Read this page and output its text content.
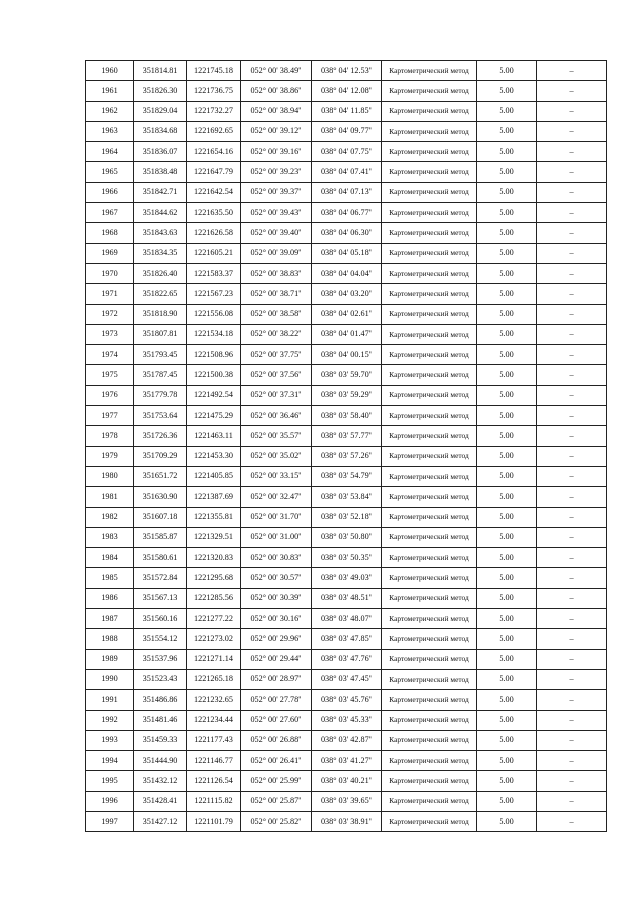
1960	351814.81	1221745.18	052° 00' 38.49"	038° 04' 12.53"	Картометрический метод	5.00	–
1961	351826.30	1221736.75	052° 00' 38.86"	038° 04' 12.08"	Картометрический метод	5.00	–
1962	351829.04	1221732.27	052° 00' 38.94"	038° 04' 11.85"	Картометрический метод	5.00	–
1963	351834.68	1221692.65	052° 00' 39.12"	038° 04' 09.77"	Картометрический метод	5.00	–
1964	351836.07	1221654.16	052° 00' 39.16"	038° 04' 07.75"	Картометрический метод	5.00	–
1965	351838.48	1221647.79	052° 00' 39.23"	038° 04' 07.41"	Картометрический метод	5.00	–
1966	351842.71	1221642.54	052° 00' 39.37"	038° 04' 07.13"	Картометрический метод	5.00	–
1967	351844.62	1221635.50	052° 00' 39.43"	038° 04' 06.77"	Картометрический метод	5.00	–
1968	351843.63	1221626.58	052° 00' 39.40"	038° 04' 06.30"	Картометрический метод	5.00	–
1969	351834.35	1221605.21	052° 00' 39.09"	038° 04' 05.18"	Картометрический метод	5.00	–
1970	351826.40	1221583.37	052° 00' 38.83"	038° 04' 04.04"	Картометрический метод	5.00	–
1971	351822.65	1221567.23	052° 00' 38.71"	038° 04' 03.20"	Картометрический метод	5.00	–
1972	351818.90	1221556.08	052° 00' 38.58"	038° 04' 02.61"	Картометрический метод	5.00	–
1973	351807.81	1221534.18	052° 00' 38.22"	038° 04' 01.47"	Картометрический метод	5.00	–
1974	351793.45	1221508.96	052° 00' 37.75"	038° 04' 00.15"	Картометрический метод	5.00	–
1975	351787.45	1221500.38	052° 00' 37.56"	038° 03' 59.70"	Картометрический метод	5.00	–
1976	351779.78	1221492.54	052° 00' 37.31"	038° 03' 59.29"	Картометрический метод	5.00	–
1977	351753.64	1221475.29	052° 00' 36.46"	038° 03' 58.40"	Картометрический метод	5.00	–
1978	351726.36	1221463.11	052° 00' 35.57"	038° 03' 57.77"	Картометрический метод	5.00	–
1979	351709.29	1221453.30	052° 00' 35.02"	038° 03' 57.26"	Картометрический метод	5.00	–
1980	351651.72	1221405.85	052° 00' 33.15"	038° 03' 54.79"	Картометрический метод	5.00	–
1981	351630.90	1221387.69	052° 00' 32.47"	038° 03' 53.84"	Картометрический метод	5.00	–
1982	351607.18	1221355.81	052° 00' 31.70"	038° 03' 52.18"	Картометрический метод	5.00	–
1983	351585.87	1221329.51	052° 00' 31.00"	038° 03' 50.80"	Картометрический метод	5.00	–
1984	351580.61	1221320.83	052° 00' 30.83"	038° 03' 50.35"	Картометрический метод	5.00	–
1985	351572.84	1221295.68	052° 00' 30.57"	038° 03' 49.03"	Картометрический метод	5.00	–
1986	351567.13	1221285.56	052° 00' 30.39"	038° 03' 48.51"	Картометрический метод	5.00	–
1987	351560.16	1221277.22	052° 00' 30.16"	038° 03' 48.07"	Картометрический метод	5.00	–
1988	351554.12	1221273.02	052° 00' 29.96"	038° 03' 47.85"	Картометрический метод	5.00	–
1989	351537.96	1221271.14	052° 00' 29.44"	038° 03' 47.76"	Картометрический метод	5.00	–
1990	351523.43	1221265.18	052° 00' 28.97"	038° 03' 47.45"	Картометрический метод	5.00	–
1991	351486.86	1221232.65	052° 00' 27.78"	038° 03' 45.76"	Картометрический метод	5.00	–
1992	351481.46	1221234.44	052° 00' 27.60"	038° 03' 45.33"	Картометрический метод	5.00	–
1993	351459.33	1221177.43	052° 00' 26.88"	038° 03' 42.87"	Картометрический метод	5.00	–
1994	351444.90	1221146.77	052° 00' 26.41"	038° 03' 41.27"	Картометрический метод	5.00	–
1995	351432.12	1221126.54	052° 00' 25.99"	038° 03' 40.21"	Картометрический метод	5.00	–
1996	351428.41	1221115.82	052° 00' 25.87"	038° 03' 39.65"	Картометрический метод	5.00	–
1997	351427.12	1221101.79	052° 00' 25.82"	038° 03' 38.91"	Картометрический метод	5.00	–
